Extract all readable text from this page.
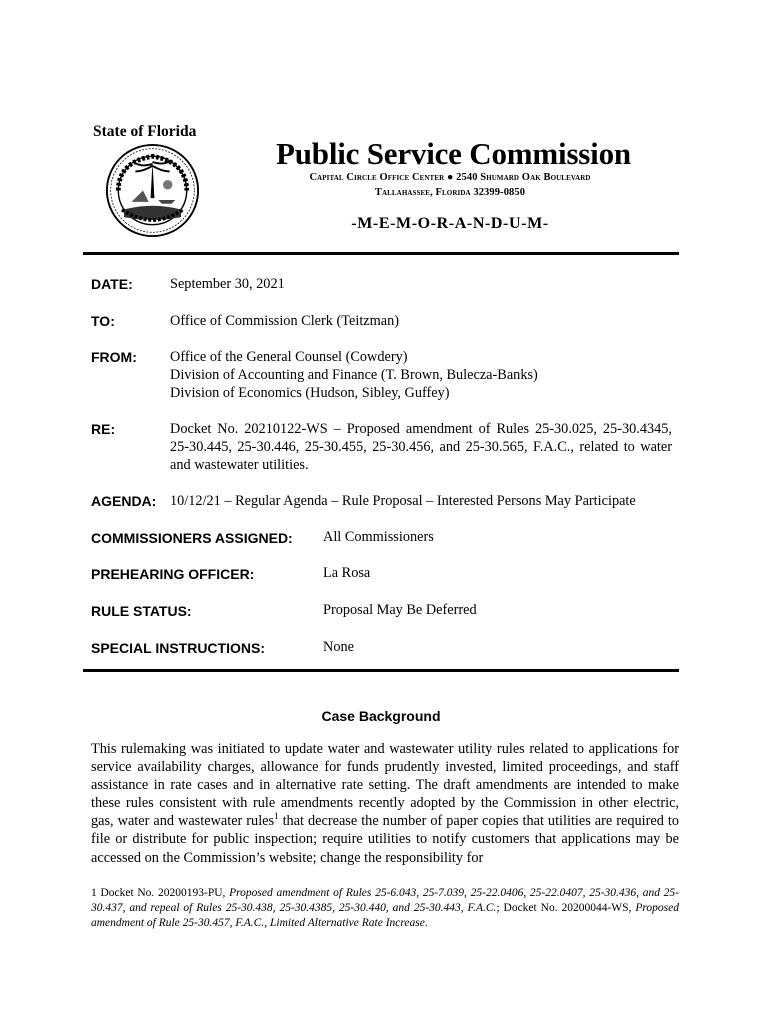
State of Florida
Public Service Commission
Capital Circle Office Center ● 2540 Shumard Oak Boulevard
Tallahassee, Florida 32399-0850
-M-E-M-O-R-A-N-D-U-M-
DATE:	September 30, 2021
TO:	Office of Commission Clerk (Teitzman)
FROM: Office of the General Counsel (Cowdery)
Division of Accounting and Finance (T. Brown, Bulecza-Banks)
Division of Economics (Hudson, Sibley, Guffey)
RE:	Docket No. 20210122-WS – Proposed amendment of Rules 25-30.025, 25-30.4345, 25-30.445, 25-30.446, 25-30.455, 25-30.456, and 25-30.565, F.A.C., related to water and wastewater utilities.
AGENDA: 10/12/21 – Regular Agenda – Rule Proposal – Interested Persons May Participate
COMMISSIONERS ASSIGNED: All Commissioners
PREHEARING OFFICER:	La Rosa
RULE STATUS:	Proposal May Be Deferred
SPECIAL INSTRUCTIONS:	None
Case Background
This rulemaking was initiated to update water and wastewater utility rules related to applications for service availability charges, allowance for funds prudently invested, limited proceedings, and staff assistance in rate cases and in alternative rate setting. The draft amendments are intended to make these rules consistent with rule amendments recently adopted by the Commission in other electric, gas, water and wastewater rules$^1$ that decrease the number of paper copies that utilities are required to file or distribute for public inspection; require utilities to notify customers that applications may be accessed on the Commission’s website; change the responsibility for
1 Docket No. 20200193-PU, Proposed amendment of Rules 25-6.043, 25-7.039, 25-22.0406, 25-22.0407, 25-30.436, and 25-30.437, and repeal of Rules 25-30.438, 25-30.4385, 25-30.440, and 25-30.443, F.A.C.; Docket No. 20200044-WS, Proposed amendment of Rule 25-30.457, F.A.C., Limited Alternative Rate Increase.
